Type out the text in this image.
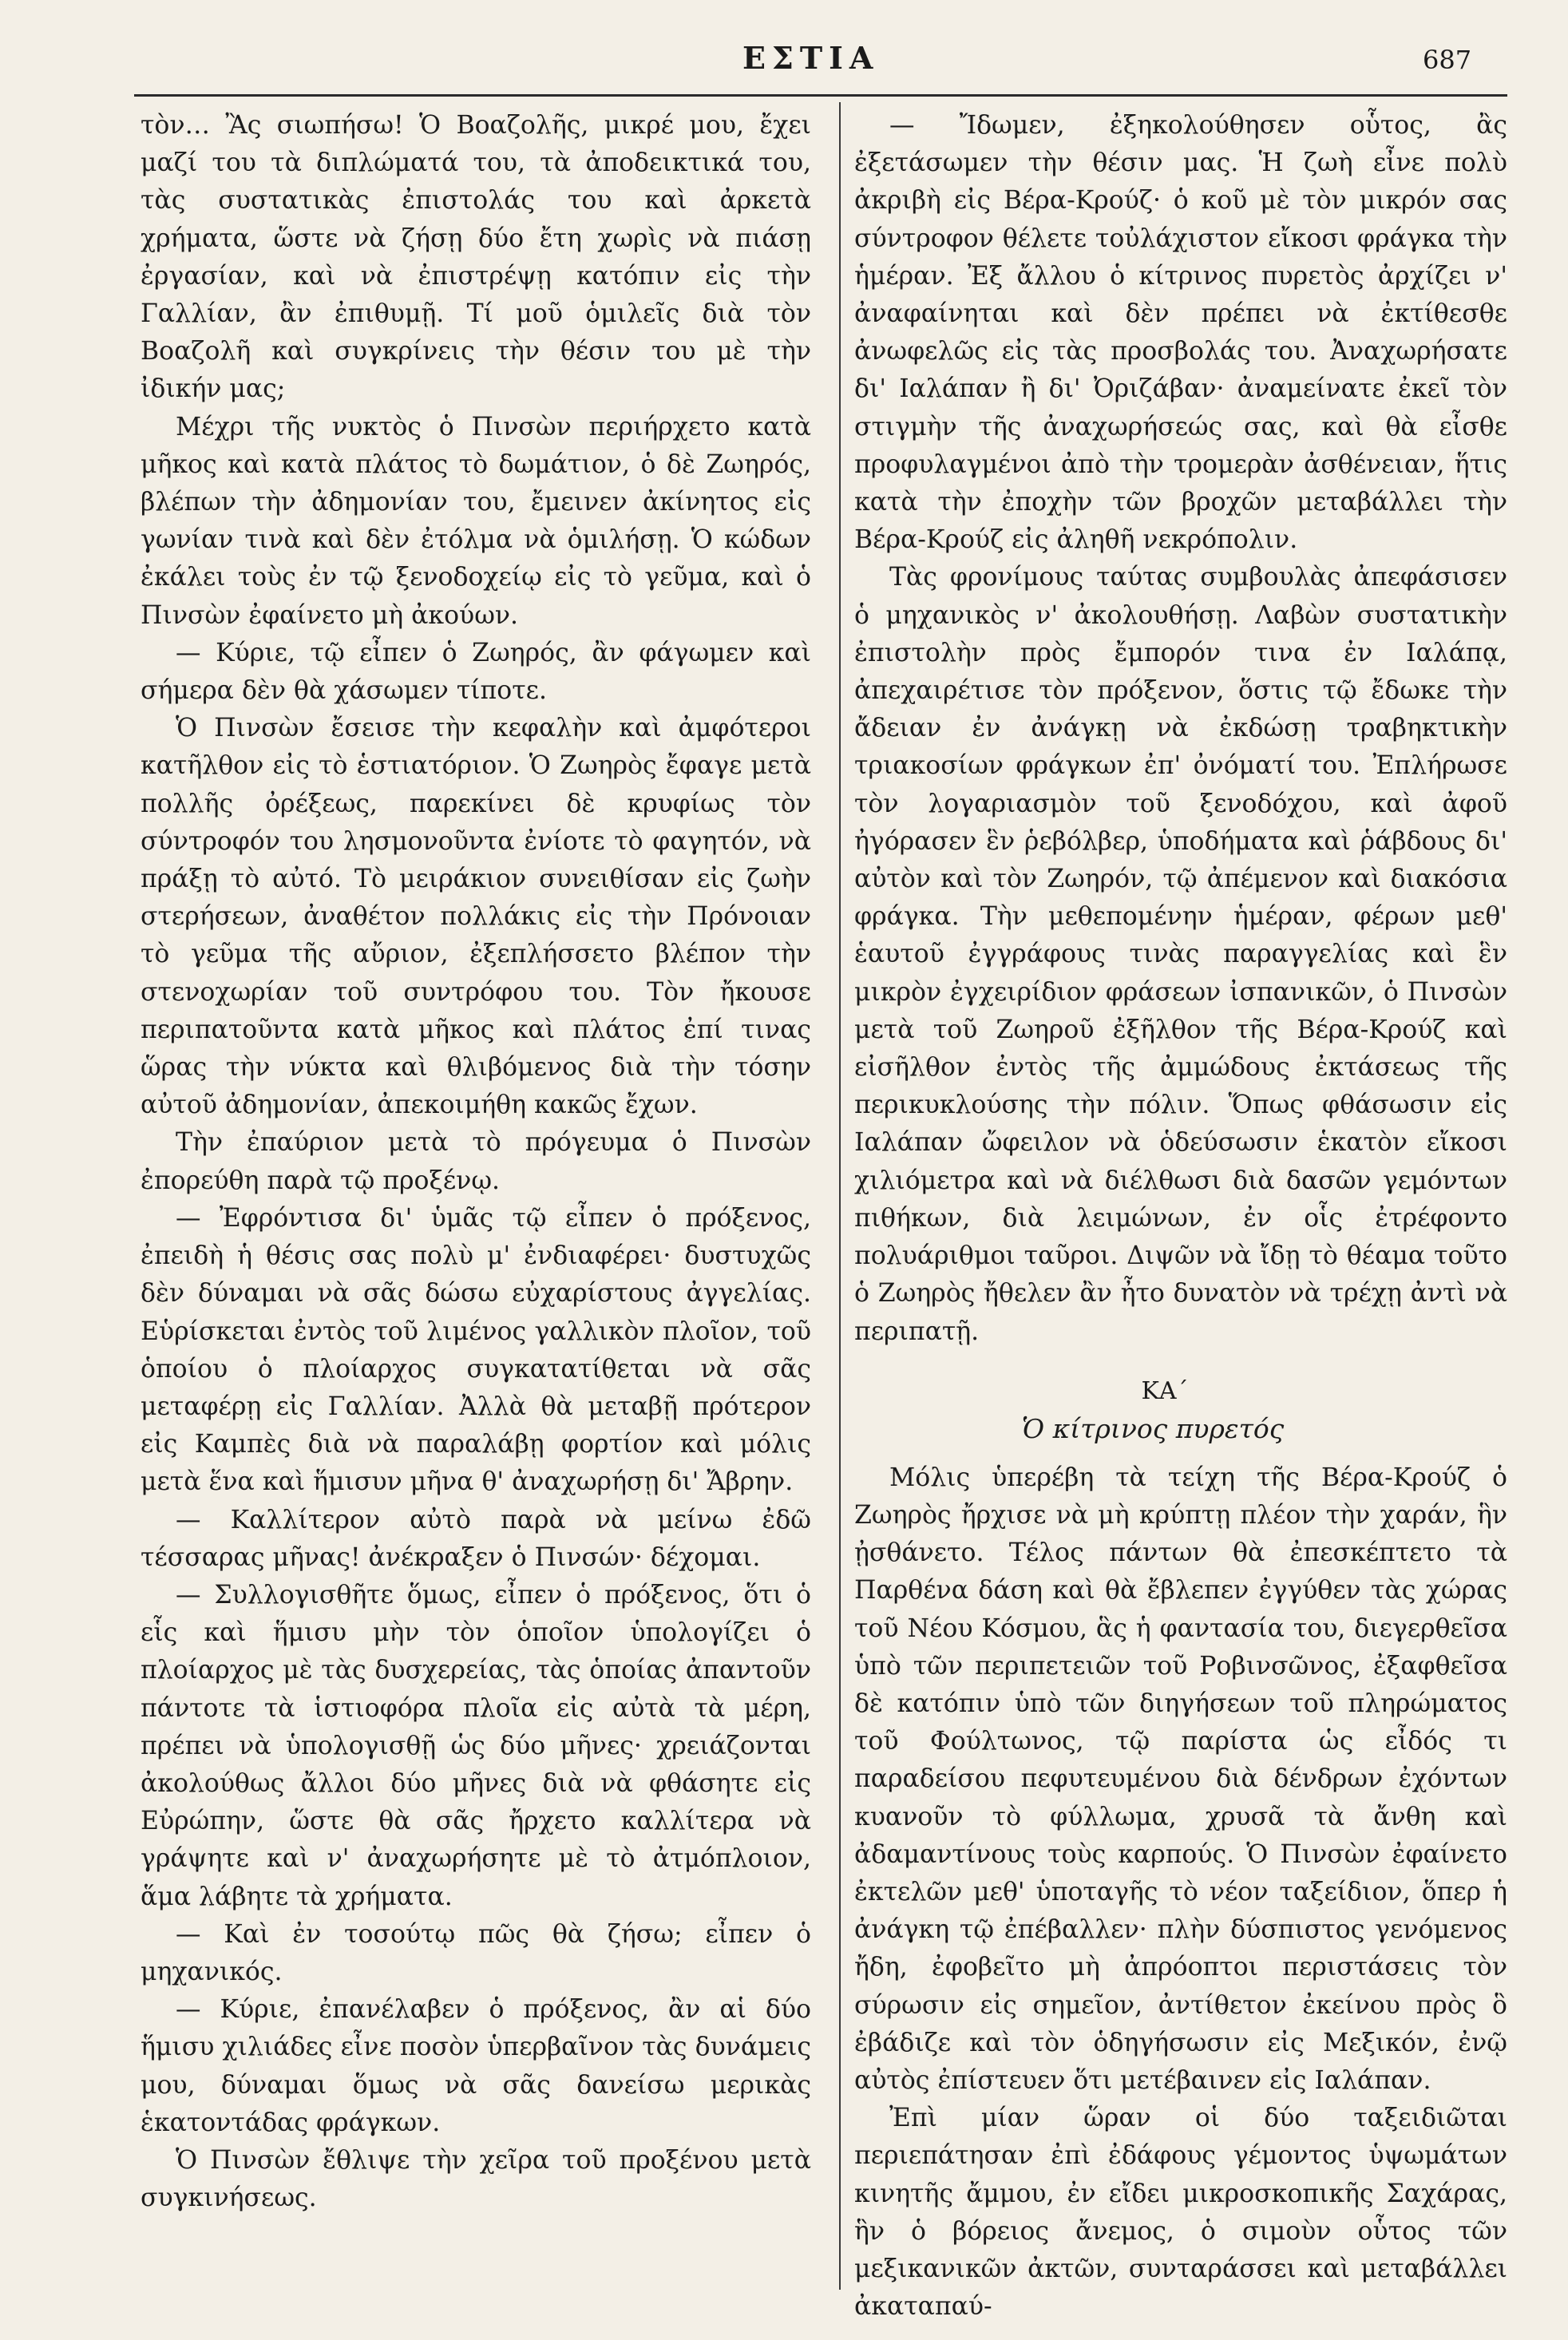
ΕΣΤΙΑ	687

τὸν… Ἂς σιωπήσω! Ὁ Βοαζολῆς, μικρέ μου, ἔχει μαζί του τὰ διπλώματά του, τὰ ἀποδεικτικά του, τὰς συστατικὰς ἐπιστολάς του καὶ ἀρκετὰ χρήματα, ὥστε νὰ ζήσῃ δύο ἔτη χωρὶς νὰ πιάσῃ ἐργασίαν, καὶ νὰ ἐπιστρέψῃ κατόπιν εἰς τὴν Γαλλίαν, ἂν ἐπιθυμῇ. Τί μοῦ ὁμιλεῖς διὰ τὸν Βοαζολῆ καὶ συγκρίνεις τὴν θέσιν του μὲ τὴν ἰδικήν μας;

Μέχρι τῆς νυκτὸς ὁ Πινσὼν περιήρχετο κατὰ μῆκος καὶ κατὰ πλάτος τὸ δωμάτιον, ὁ δὲ Ζωηρός, βλέπων τὴν ἀδημονίαν του, ἔμεινεν ἀκίνητος εἰς γωνίαν τινὰ καὶ δὲν ἐτόλμα νὰ ὁμιλήσῃ. Ὁ κώδων ἐκάλει τοὺς ἐν τῷ ξενοδοχείῳ εἰς τὸ γεῦμα, καὶ ὁ Πινσὼν ἐφαίνετο μὴ ἀκούων.

— Κύριε, τῷ εἶπεν ὁ Ζωηρός, ἂν φάγωμεν καὶ σήμερα δὲν θὰ χάσωμεν τίποτε.

Ὁ Πινσὼν ἔσεισε τὴν κεφαλὴν καὶ ἀμφότεροι κατῆλθον εἰς τὸ ἑστιατόριον. Ὁ Ζωηρὸς ἔφαγε μετὰ πολλῆς ὀρέξεως, παρεκίνει δὲ κρυφίως τὸν σύντροφόν του λησμονοῦντα ἐνίοτε τὸ φαγητόν, νὰ πράξῃ τὸ αὐτό. Τὸ μειράκιον συνειθίσαν εἰς ζωὴν στερήσεων, ἀναθέτον πολλάκις εἰς τὴν Πρόνοιαν τὸ γεῦμα τῆς αὔριον, ἐξεπλήσσετο βλέπον τὴν στενοχωρίαν τοῦ συντρόφου του. Τὸν ἤκουσε περιπατοῦντα κατὰ μῆκος καὶ πλάτος ἐπί τινας ὥρας τὴν νύκτα καὶ θλιβόμενος διὰ τὴν τόσην αὐτοῦ ἀδημονίαν, ἀπεκοιμήθη κακῶς ἔχων.

Τὴν ἐπαύριον μετὰ τὸ πρόγευμα ὁ Πινσὼν ἐπορεύθη παρὰ τῷ προξένῳ.

— Ἐφρόντισα δι' ὑμᾶς τῷ εἶπεν ὁ πρόξενος, ἐπειδὴ ἡ θέσις σας πολὺ μ' ἐνδιαφέρει· δυστυχῶς δὲν δύναμαι νὰ σᾶς δώσω εὐχαρίστους ἀγγελίας. Εὑρίσκεται ἐντὸς τοῦ λιμένος γαλλικὸν πλοῖον, τοῦ ὁποίου ὁ πλοίαρχος συγκατατίθεται νὰ σᾶς μεταφέρῃ εἰς Γαλλίαν. Ἀλλὰ θὰ μεταβῇ πρότερον εἰς Καμπὲς διὰ νὰ παραλάβῃ φορτίον καὶ μόλις μετὰ ἕνα καὶ ἥμισυν μῆνα θ' ἀναχωρήσῃ δι' Ἄβρην.

— Καλλίτερον αὐτὸ παρὰ νὰ μείνω ἐδῶ τέσσαρας μῆνας! ἀνέκραξεν ὁ Πινσών· δέχομαι.

— Συλλογισθῆτε ὅμως, εἶπεν ὁ πρόξενος, ὅτι ὁ εἷς καὶ ἥμισυ μὴν τὸν ὁποῖον ὑπολογίζει ὁ πλοίαρχος μὲ τὰς δυσχερείας, τὰς ὁποίας ἀπαντοῦν πάντοτε τὰ ἱστιοφόρα πλοῖα εἰς αὐτὰ τὰ μέρη, πρέπει νὰ ὑπολογισθῇ ὡς δύο μῆνες· χρειάζονται ἀκολούθως ἄλλοι δύο μῆνες διὰ νὰ φθάσητε εἰς Εὐρώπην, ὥστε θὰ σᾶς ἤρχετο καλλίτερα νὰ γράψητε καὶ ν' ἀναχωρήσητε μὲ τὸ ἀτμόπλοιον, ἅμα λάβητε τὰ χρήματα.

— Καὶ ἐν τοσούτῳ πῶς θὰ ζήσω; εἶπεν ὁ μηχανικός.

— Κύριε, ἐπανέλαβεν ὁ πρόξενος, ἂν αἱ δύο ἥμισυ χιλιάδες εἶνε ποσὸν ὑπερβαῖνον τὰς δυνάμεις μου, δύναμαι ὅμως νὰ σᾶς δανείσω μερικὰς ἑκατοντάδας φράγκων.

Ὁ Πινσὼν ἔθλιψε τὴν χεῖρα τοῦ προξένου μετὰ συγκινήσεως.

— Ἴδωμεν, ἐξηκολούθησεν οὗτος, ἂς ἐξετάσωμεν τὴν θέσιν μας. Ἡ ζωὴ εἶνε πολὺ ἀκριβὴ εἰς Βέρα-Κρούζ· ὁ κοῦ μὲ τὸν μικρόν σας σύντροφον θέλετε τοὐλάχιστον εἴκοσι φράγκα τὴν ἡμέραν. Ἐξ ἄλλου ὁ κίτρινος πυρετὸς ἀρχίζει ν' ἀναφαίνηται καὶ δὲν πρέπει νὰ ἐκτίθεσθε ἀνωφελῶς εἰς τὰς προσβολάς του. Ἀναχωρήσατε δι' Ιαλάπαν ἢ δι' Ὀριζάβαν· ἀναμείνατε ἐκεῖ τὸν στιγμὴν τῆς ἀναχωρήσεώς σας, καὶ θὰ εἶσθε προφυλαγμένοι ἀπὸ τὴν τρομερὰν ἀσθένειαν, ἥτις κατὰ τὴν ἐποχὴν τῶν βροχῶν μεταβάλλει τὴν Βέρα-Κρούζ εἰς ἀληθῆ νεκρόπολιν.

Τὰς φρονίμους ταύτας συμβουλὰς ἀπεφάσισεν ὁ μηχανικὸς ν' ἀκολουθήσῃ. Λαβὼν συστατικὴν ἐπιστολὴν πρὸς ἔμπορόν τινα ἐν Ιαλάπᾳ, ἀπεχαιρέτισε τὸν πρόξενον, ὅστις τῷ ἔδωκε τὴν ἄδειαν ἐν ἀνάγκῃ νὰ ἐκδώσῃ τραβηκτικὴν τριακοσίων φράγκων ἐπ' ὀνόματί του. Ἐπλήρωσε τὸν λογαριασμὸν τοῦ ξενοδόχου, καὶ ἀφοῦ ἠγόρασεν ἓν ῥεβόλβερ, ὑποδήματα καὶ ῥάβδους δι' αὐτὸν καὶ τὸν Ζωηρόν, τῷ ἀπέμενον καὶ διακόσια φράγκα. Τὴν μεθεπομένην ἡμέραν, φέρων μεθ' ἑαυτοῦ ἐγγράφους τινὰς παραγγελίας καὶ ἓν μικρὸν ἐγχειρίδιον φράσεων ἰσπανικῶν, ὁ Πινσὼν μετὰ τοῦ Ζωηροῦ ἐξῆλθον τῆς Βέρα-Κρούζ καὶ εἰσῆλθον ἐντὸς τῆς ἀμμώδους ἐκτάσεως τῆς περικυκλούσης τὴν πόλιν. Ὅπως φθάσωσιν εἰς Ιαλάπαν ὤφειλον νὰ ὁδεύσωσιν ἑκατὸν εἴκοσι χιλιόμετρα καὶ νὰ διέλθωσι διὰ δασῶν γεμόντων πιθήκων, διὰ λειμώνων, ἐν οἷς ἐτρέφοντο πολυάριθμοι ταῦροι. Διψῶν νὰ ἴδῃ τὸ θέαμα τοῦτο ὁ Ζωηρὸς ἤθελεν ἂν ἦτο δυνατὸν νὰ τρέχῃ ἀντὶ νὰ περιπατῇ.

ΚΑ΄
Ὁ κίτρινος πυρετός

Μόλις ὑπερέβη τὰ τείχη τῆς Βέρα-Κρούζ ὁ Ζωηρὸς ἤρχισε νὰ μὴ κρύπτῃ πλέον τὴν χαράν, ἣν ᾐσθάνετο. Τέλος πάντων θὰ ἐπεσκέπτετο τὰ Παρθένα δάση καὶ θὰ ἔβλεπεν ἐγγύθεν τὰς χώρας τοῦ Νέου Κόσμου, ἃς ἡ φαντασία του, διεγερθεῖσα ὑπὸ τῶν περιπετειῶν τοῦ Ροβινσῶνος, ἐξαφθεῖσα δὲ κατόπιν ὑπὸ τῶν διηγήσεων τοῦ πληρώματος τοῦ Φούλτωνος, τῷ παρίστα ὡς εἶδός τι παραδείσου πεφυτευμένου διὰ δένδρων ἐχόντων κυανοῦν τὸ φύλλωμα, χρυσᾶ τὰ ἄνθη καὶ ἀδαμαντίνους τοὺς καρπούς. Ὁ Πινσὼν ἐφαίνετο ἐκτελῶν μεθ' ὑποταγῆς τὸ νέον ταξείδιον, ὅπερ ἡ ἀνάγκη τῷ ἐπέβαλλεν· πλὴν δύσπιστος γενόμενος ἤδη, ἐφοβεῖτο μὴ ἀπρόοπτοι περιστάσεις τὸν σύρωσιν εἰς σημεῖον, ἀντίθετον ἐκείνου πρὸς ὃ ἐβάδιζε καὶ τὸν ὁδηγήσωσιν εἰς Μεξικόν, ἐνῷ αὐτὸς ἐπίστευεν ὅτι μετέβαινεν εἰς Ιαλάπαν.

Ἐπὶ μίαν ὥραν οἱ δύο ταξειδιῶται περιεπάτησαν ἐπὶ ἐδάφους γέμοντος ὑψωμάτων κινητῆς ἄμμου, ἐν εἴδει μικροσκοπικῆς Σαχάρας, ἣν ὁ βόρειος ἄνεμος, ὁ σιμοὺν οὗτος τῶν μεξικανικῶν ἀκτῶν, συνταράσσει καὶ μεταβάλλει ἀκαταπαύ-
